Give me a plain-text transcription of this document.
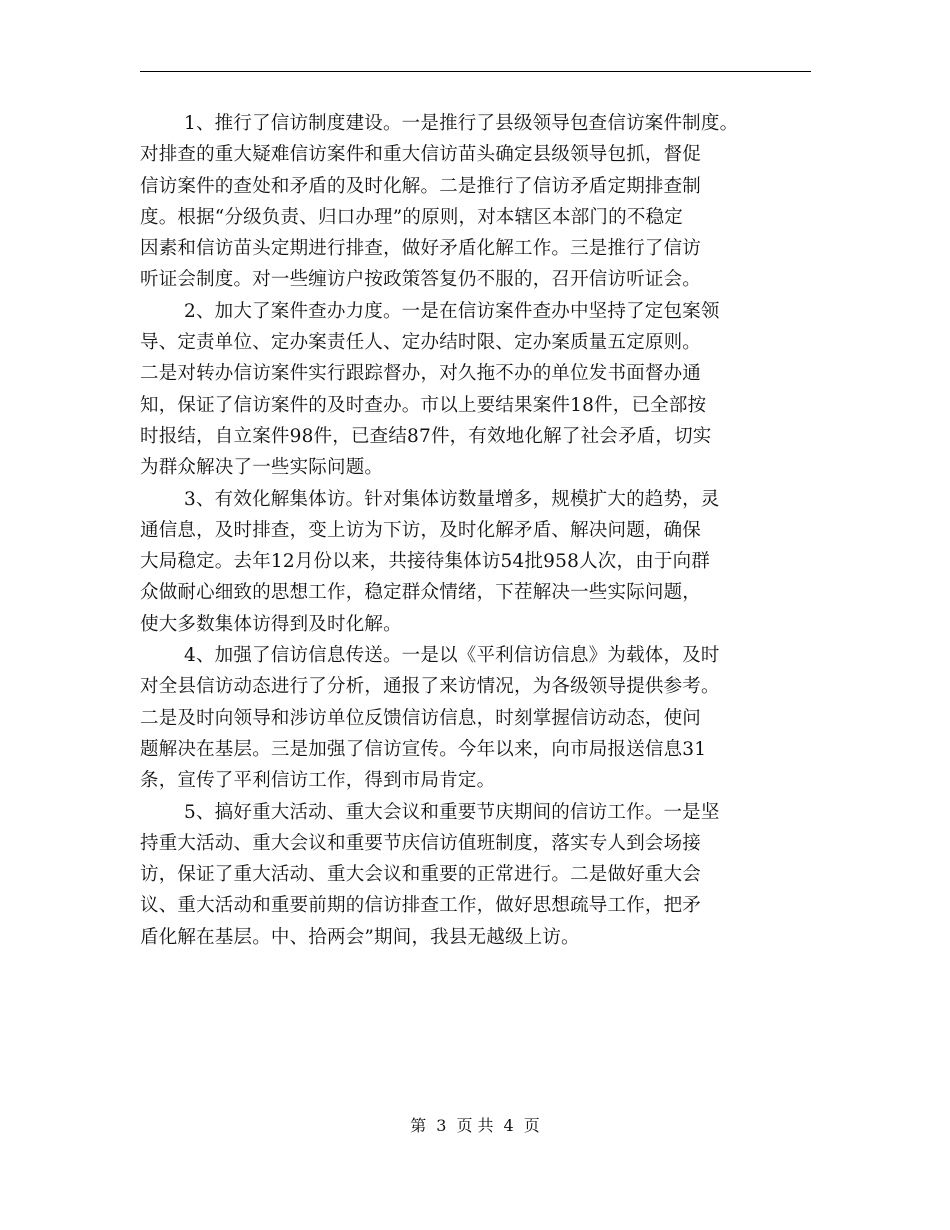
1、推行了信访制度建设。一是推行了县级领导包查信访案件制度。
对排查的重大疑难信访案件和重大信访苗头确定县级领导包抓，督促
信访案件的查处和矛盾的及时化解。二是推行了信访矛盾定期排查制
度。根据“分级负责、归口办理”的原则，对本辖区本部门的不稳定
因素和信访苗头定期进行排查，做好矛盾化解工作。三是推行了信访
听证会制度。对一些缠访户按政策答复仍不服的，召开信访听证会。
2、加大了案件查办力度。一是在信访案件查办中坚持了定包案领
导、定责单位、定办案责任人、定办结时限、定办案质量五定原则。
二是对转办信访案件实行跟踪督办，对久拖不办的单位发书面督办通
知，保证了信访案件的及时查办。市以上要结果案件18件，已全部按
时报结，自立案件98件，已查结87件，有效地化解了社会矛盾，切实
为群众解决了一些实际问题。
3、有效化解集体访。针对集体访数量增多，规模扩大的趋势，灵
通信息，及时排查，变上访为下访，及时化解矛盾、解决问题，确保
大局稳定。去年12月份以来，共接待集体访54批958人次，由于向群
众做耐心细致的思想工作，稳定群众情绪，下茬解决一些实际问题，
使大多数集体访得到及时化解。
4、加强了信访信息传送。一是以《平利信访信息》为载体，及时
对全县信访动态进行了分析，通报了来访情况，为各级领导提供参考。
二是及时向领导和涉访单位反馈信访信息，时刻掌握信访动态，使问
题解决在基层。三是加强了信访宣传。今年以来，向市局报送信息31
条，宣传了平利信访工作，得到市局肯定。
5、搞好重大活动、重大会议和重要节庆期间的信访工作。一是坚
持重大活动、重大会议和重要节庆信访值班制度，落实专人到会场接
访，保证了重大活动、重大会议和重要的正常进行。二是做好重大会
议、重大活动和重要前期的信访排查工作，做好思想疏导工作，把矛
盾化解在基层。中、拾两会”期间，我县无越级上访。
第 3 页 共 4 页
